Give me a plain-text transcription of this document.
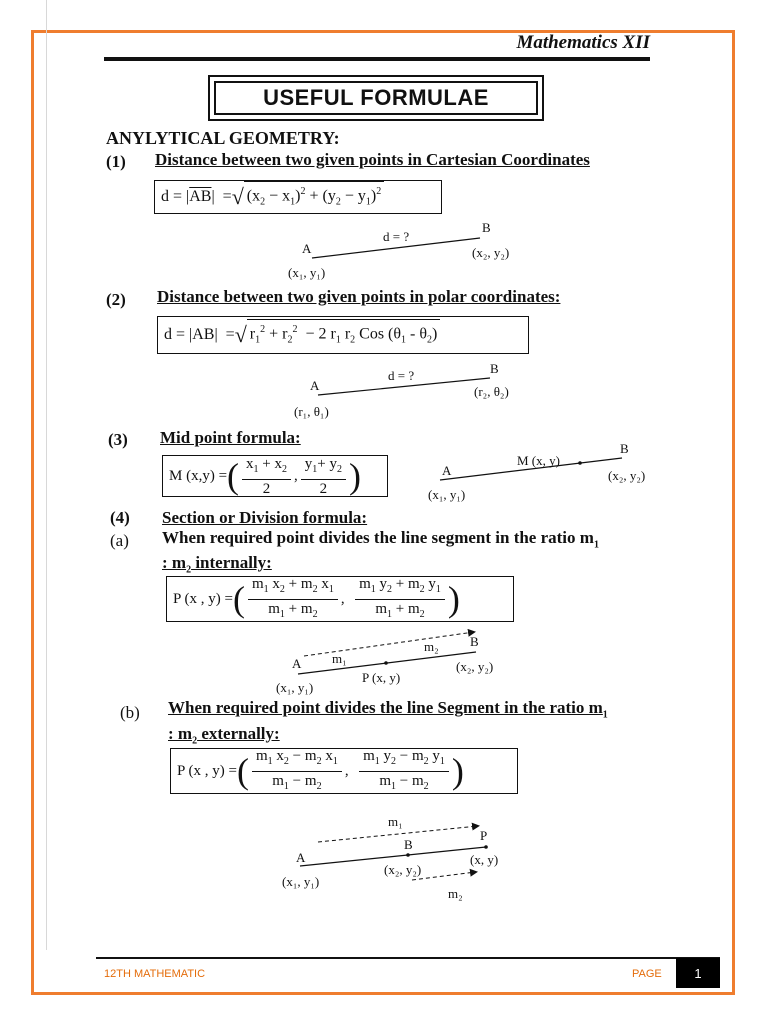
Mathematics XII
USEFUL FORMULAE
ANYLYTICAL GEOMETRY:
(1) Distance between two given points in Cartesian Coordinates
d = | $\overline{AB}$ |  = √ $(x_2 - x_1)^2 + (y_2 - y_1)^2$
(2) Distance between two given points in polar coordinates:
d = |AB|  = √ $r_1^2 + r_2^2 - 2$ $r_1$ $r_2$ Cos $(\theta_1 - \theta_2)$
(3) Mid point formula:
M (x,y) = ( $\frac{x_1 + x_2}{2}$ , $\frac{y_1+ y_2}{2}$ )
(4) Section or Division formula:
(a) When required point divides the line segment in the ratio $m_1$
: $m_2$ internally:
P (x , y) = ( $\frac{m_1 x_2 + m_2 x_1}{m_1 + m_2}$ , $\frac{m_1 y_2 + m_2 y_1}{m_1 + m_2}$ )
(b) When required point divides the line Segment in the ratio $m_1$
: $m_2$ externally:
P (x , y) = ( $\frac{m_1 x_2 - m_2 x_1}{m_1 - m_2}$ , $\frac{m_1 y_2 - m_2 y_1}{m_1 - m_2}$ )
A
B
d = ?
(x₁, y₁)
(x₂, y₂)
A
B
d = ?
(r₁, θ₁)
(r₂, θ₂)
A
B
M (x, y)
(x₁, y₁)
(x₂, y₂)
A
B
m₁
m₂
(x₁, y₁)
P (x, y)
(x₂, y₂)
A
B
P
m₁
m₂
(x₁, y₁)
(x₂, y₂)
(x, y)
12TH MATHEMATIC	PAGE	1
